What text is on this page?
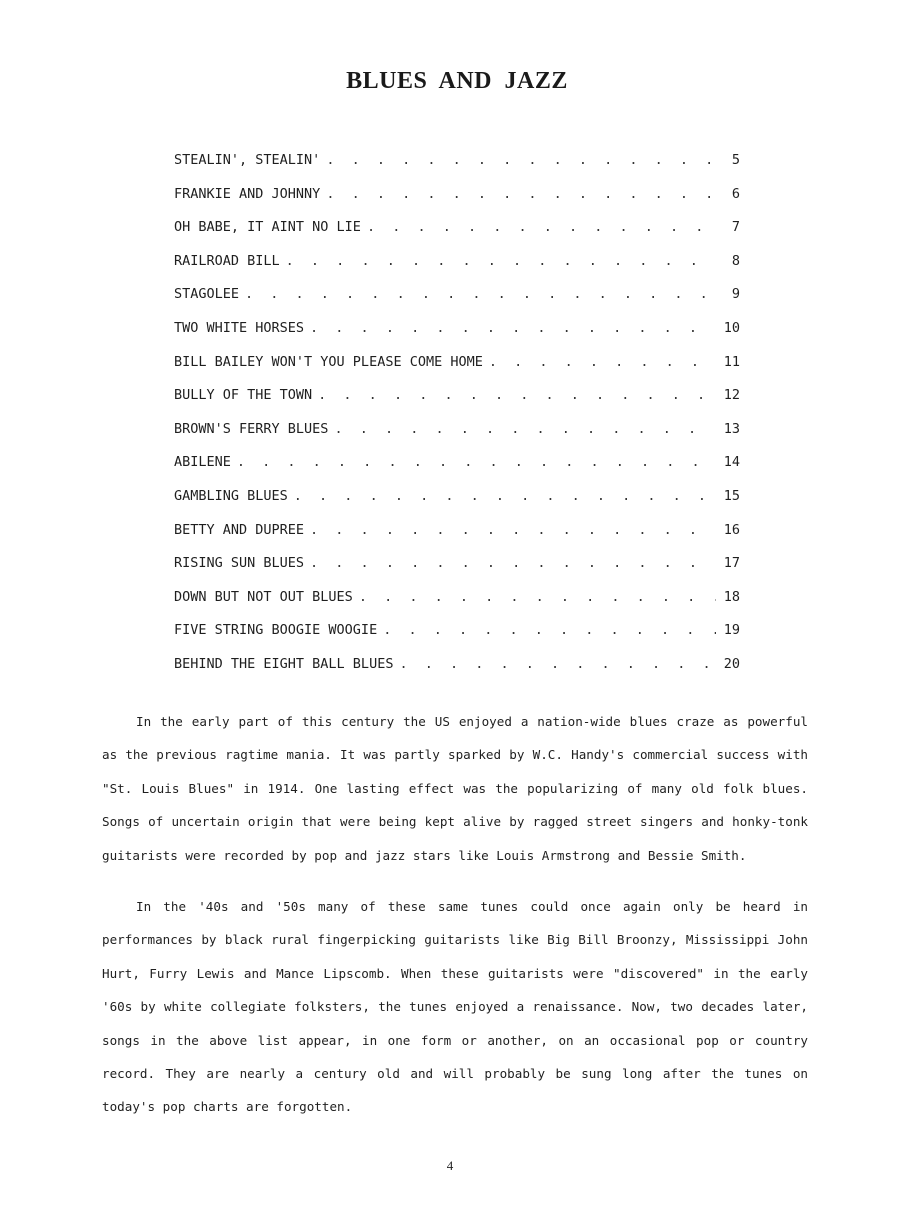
BLUES AND JAZZ
STEALIN', STEALIN' . . .	5
FRANKIE AND JOHNNY . . .	6
OH BABE, IT AINT NO LIE . . .	7
RAILROAD BILL . . .	8
STAGOLEE . . .	9
TWO WHITE HORSES . . .	10
BILL BAILEY WON'T YOU PLEASE COME HOME . . .	11
BULLY OF THE TOWN . . .	12
BROWN'S FERRY BLUES . . .	13
ABILENE . . .	14
GAMBLING BLUES . . .	15
BETTY AND DUPREE . . .	16
RISING SUN BLUES . . .	17
DOWN BUT NOT OUT BLUES . . .	18
FIVE STRING BOOGIE WOOGIE . . .	19
BEHIND THE EIGHT BALL BLUES . . .	20

In the early part of this century the US enjoyed a nation-wide blues craze as powerful as the previous ragtime mania. It was partly sparked by W.C. Handy's commercial success with "St. Louis Blues" in 1914. One lasting effect was the popularizing of many old folk blues. Songs of uncertain origin that were being kept alive by ragged street singers and honky-tonk guitarists were recorded by pop and jazz stars like Louis Armstrong and Bessie Smith.

In the '40s and '50s many of these same tunes could once again only be heard in performances by black rural fingerpicking guitarists like Big Bill Broonzy, Mississippi John Hurt, Furry Lewis and Mance Lipscomb. When these guitarists were "discovered" in the early '60s by white collegiate folksters, the tunes enjoyed a renaissance. Now, two decades later, songs in the above list appear, in one form or another, on an occasional pop or country record. They are nearly a century old and will probably be sung long after the tunes on today's pop charts are forgotten.

4
